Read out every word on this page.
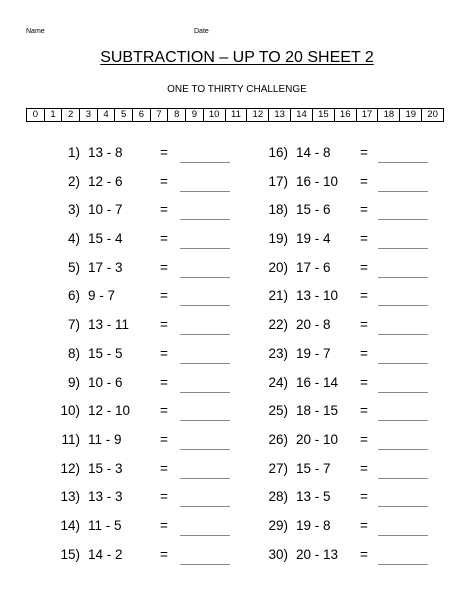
Name	Date
SUBTRACTION – UP TO 20 SHEET 2
ONE TO THIRTY CHALLENGE
0	1	2	3	4	5	6	7	8	9	10	11	12	13	14	15	16	17	18	19	20
1) 13 - 8	=
2) 12 - 6	=
3) 10 - 7	=
4) 15 - 4	=
5) 17 - 3	=
6) 9 - 7	=
7) 13 - 11 =
8) 15 - 5	=
9) 10 - 6	=
10) 12 - 10 =
11) 11 - 9	=
12) 15 - 3	=
13) 13 - 3	=
14) 11 - 5	=
15) 14 - 2	=
16) 14 - 8 =
17) 16 - 10 =
18) 15 - 6 =
19) 19 - 4 =
20) 17 - 6 =
21) 13 - 10 =
22) 20 - 8 =
23) 19 - 7 =
24) 16 - 14 =
25) 18 - 15 =
26) 20 - 10 =
27) 15 - 7 =
28) 13 - 5 =
29) 19 - 8 =
30) 20 - 13 =
